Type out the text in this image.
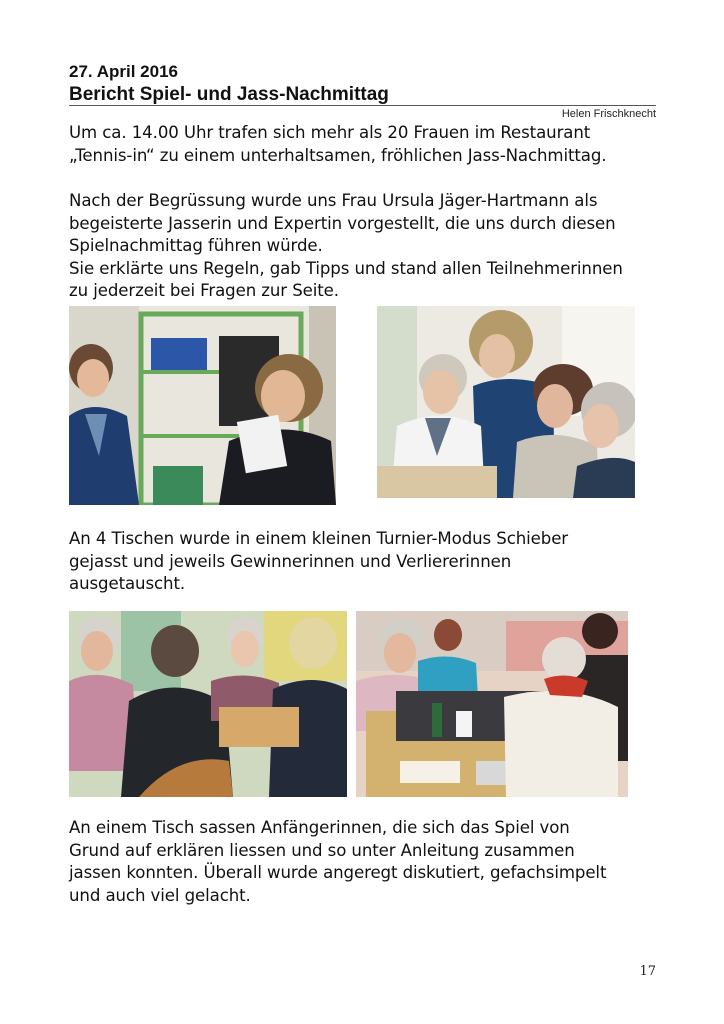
27. April 2016
Bericht Spiel- und Jass-Nachmittag
Helen Frischknecht
Um ca. 14.00 Uhr trafen sich mehr als 20 Frauen im Restaurant
„Tennis-in“ zu einem unterhaltsamen, fröhlichen Jass-Nachmittag.
Nach der Begrüssung wurde uns Frau Ursula Jäger-Hartmann als
begeisterte Jasserin und Expertin vorgestellt, die uns durch diesen
Spielnachmittag führen würde.
Sie erklärte uns Regeln, gab Tipps und stand allen Teilnehmerinnen
zu jederzeit bei Fragen zur Seite.
An 4 Tischen wurde in einem kleinen Turnier-Modus Schieber
gejasst und jeweils Gewinnerinnen und Verliererinnen
ausgetauscht.
An einem Tisch sassen Anfängerinnen, die sich das Spiel von
Grund auf erklären liessen und so unter Anleitung zusammen
jassen konnten. Überall wurde angeregt diskutiert, gefachsimpelt
und auch viel gelacht.
17
